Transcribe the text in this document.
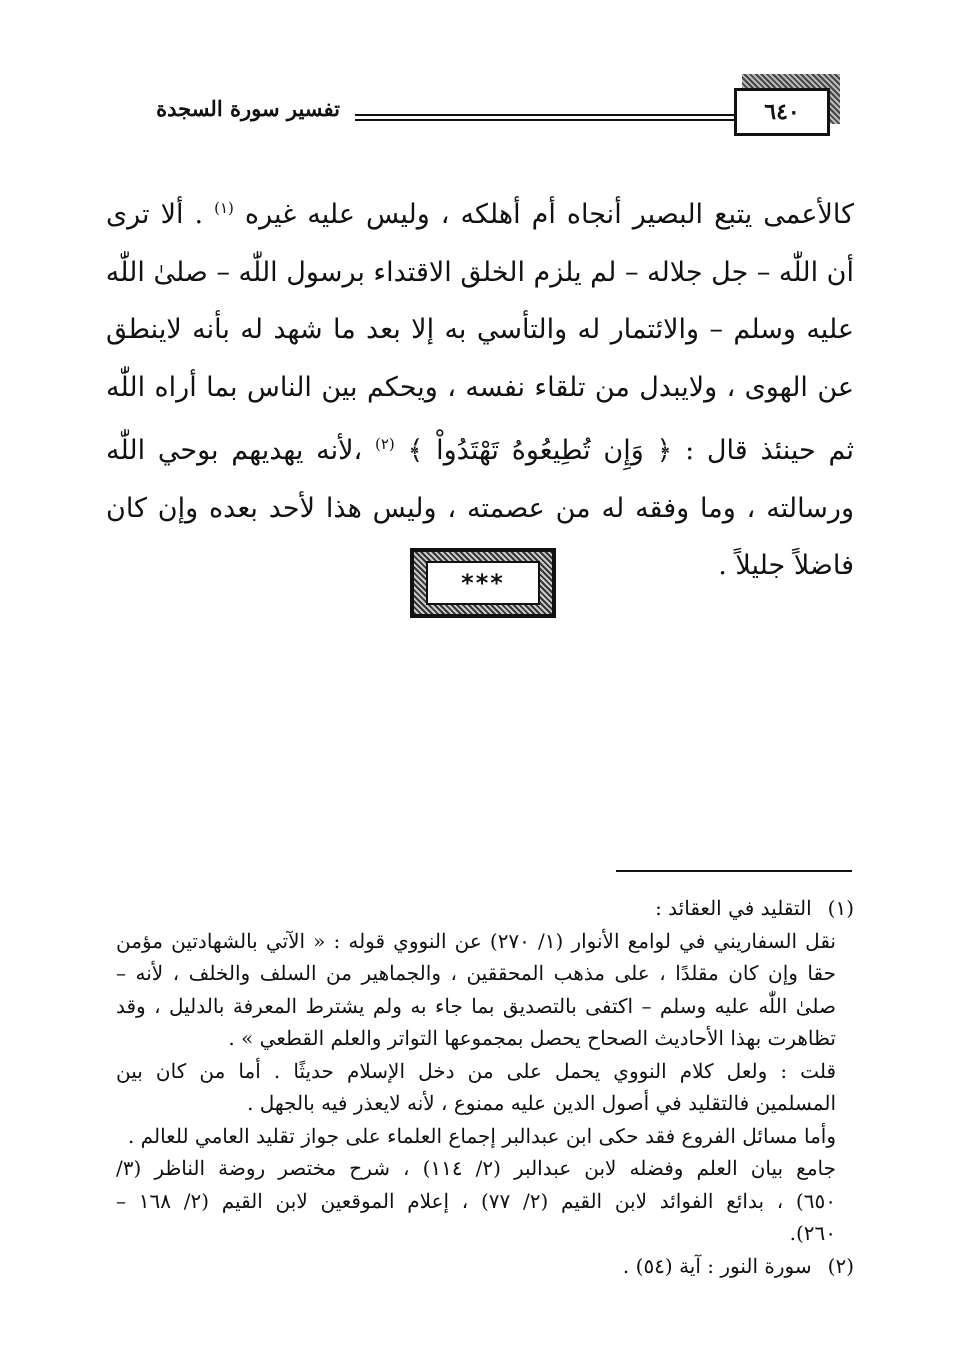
٦٤٠
تفسير سورة السجدة
كالأعمى يتبع البصير أنجاه أم أهلكه ، وليس عليه غيره $^{(١)}$ . ألا ترى
أن اللّٰه – جل جلاله – لم يلزم الخلق الاقتداء برسول اللّٰه – صلىٰ اللّٰه
عليه وسلم – والائتمار له والتأسي به إلا بعد ما شهد له بأنه لاينطق
عن الهوى ، ولايبدل من تلقاء نفسه ، ويحكم بين الناس بما أراه اللّٰه
ثم حينئذ قال : ﴿ وَإِن تُطِيعُوهُ تَهْتَدُواْ ﴾ $^{(٢)}$ ،لأنه يهديهم بوحي اللّٰه
ورسالته ، وما وفقه له من عصمته ، وليس هذا لأحد بعده وإن كان
فاضلاً جليلاً .
***
(١) التقليد في العقائد :
نقل السفاريني في لوامع الأنوار (١/ ٢٧٠) عن النووي قوله : « الآتي بالشهادتين مؤمن
حقا وإن كان مقلدًا ، على مذهب المحققين ، والجماهير من السلف والخلف ، لأنه –
صلىٰ اللّٰه عليه وسلم – اكتفى بالتصديق بما جاء به ولم يشترط المعرفة بالدليل ، وقد
تظاهرت بهذا الأحاديث الصحاح يحصل بمجموعها التواتر والعلم القطعي » .
قلت : ولعل كلام النووي يحمل على من دخل الإسلام حديثًا . أما من كان بين
المسلمين فالتقليد في أصول الدين عليه ممنوع ، لأنه لايعذر فيه بالجهل .
وأما مسائل الفروع فقد حكى ابن عبدالبر إجماع العلماء على جواز تقليد العامي للعالم .
جامع بيان العلم وفضله لابن عبدالبر (٢/ ١١٤) ، شرح مختصر روضة الناظر (٣/
٦٥٠) ، بدائع الفوائد لابن القيم (٢/ ٧٧) ، إعلام الموقعين لابن القيم (٢/ ١٦٨ –
٢٦٠).
(٢) سورة النور : آية (٥٤) .
